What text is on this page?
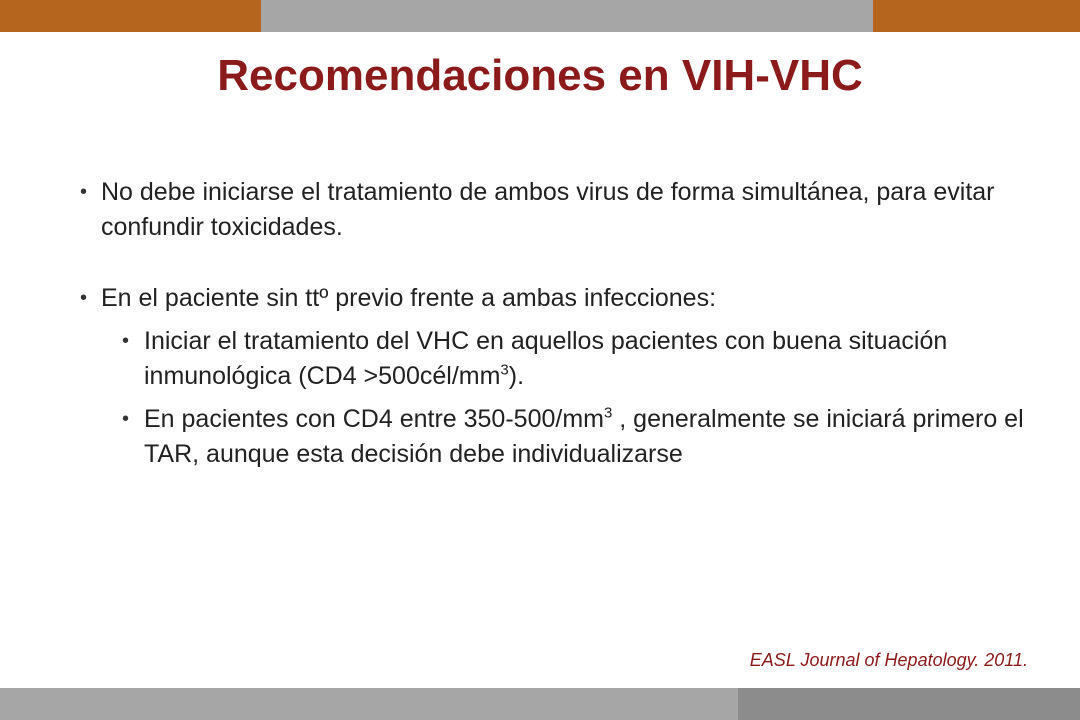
Recomendaciones en VIH-VHC
• No debe iniciarse el tratamiento de ambos virus de forma simultánea, para evitar confundir toxicidades.
• En el paciente sin ttº previo frente a ambas infecciones:
• Iniciar el tratamiento del VHC en aquellos pacientes con buena situación inmunológica $(CD4 >500cél/mm^3)$.
• En pacientes con CD4 entre $350-500/mm^3$ , generalmente se iniciará primero el TAR, aunque esta decisión debe individualizarse
EASL Journal of Hepatology. 2011.
